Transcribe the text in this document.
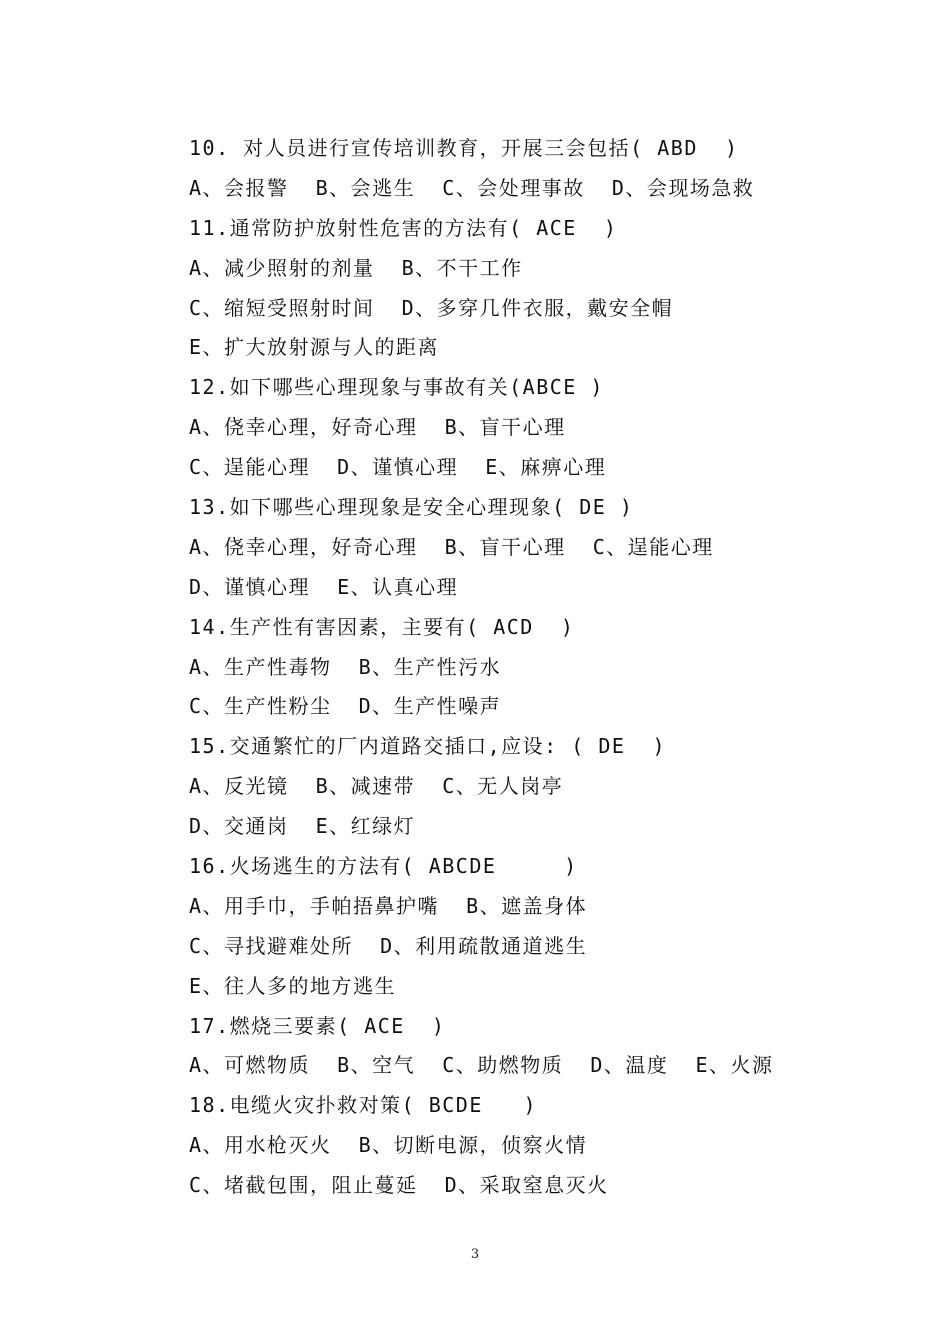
10. 对人员进行宣传培训教育，开展三会包括( ABD  )
A、会报警  B、会逃生  C、会处理事故  D、会现场急救
11.通常防护放射性危害的方法有( ACE  )
A、减少照射的剂量  B、不干工作
C、缩短受照射时间  D、多穿几件衣服，戴安全帽
E、扩大放射源与人的距离
12.如下哪些心理现象与事故有关(ABCE )
A、侥幸心理，好奇心理  B、盲干心理
C、逞能心理  D、谨慎心理  E、麻痹心理
13.如下哪些心理现象是安全心理现象( DE )
A、侥幸心理，好奇心理  B、盲干心理  C、逞能心理
D、谨慎心理  E、认真心理
14.生产性有害因素，主要有( ACD  )
A、生产性毒物  B、生产性污水
C、生产性粉尘  D、生产性噪声
15.交通繁忙的厂内道路交插口,应设: ( DE  )
A、反光镜  B、减速带  C、无人岗亭
D、交通岗  E、红绿灯
16.火场逃生的方法有( ABCDE     )
A、用手巾，手帕捂鼻护嘴  B、遮盖身体
C、寻找避难处所  D、利用疏散通道逃生
E、往人多的地方逃生
17.燃烧三要素( ACE  )
A、可燃物质  B、空气  C、助燃物质  D、温度  E、火源
18.电缆火灾扑救对策( BCDE   )
A、用水枪灭火  B、切断电源，侦察火情
C、堵截包围，阻止蔓延  D、采取窒息灭火
3
